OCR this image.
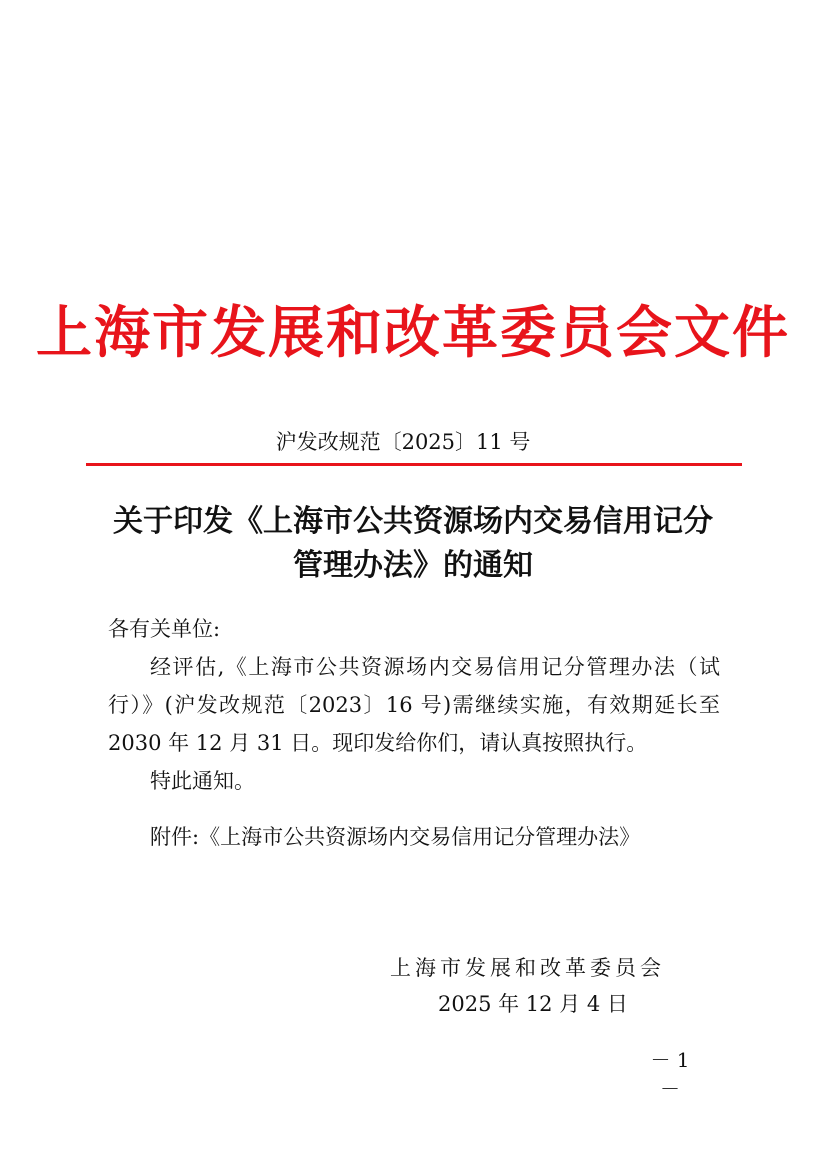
上海市发展和改革委员会文件
沪发改规范〔2025〕11 号
关于印发《上海市公共资源场内交易信用记分
管理办法》的通知

各有关单位:

经评估,《上海市公共资源场内交易信用记分管理办法（试行）》(沪发改规范〔2023〕16 号)需继续实施，有效期延长至 2030 年 12 月 31 日。现印发给你们，请认真按照执行。

特此通知。

附件:《上海市公共资源场内交易信用记分管理办法》

上海市发展和改革委员会
2025 年 12 月 4 日
－ 1 －
